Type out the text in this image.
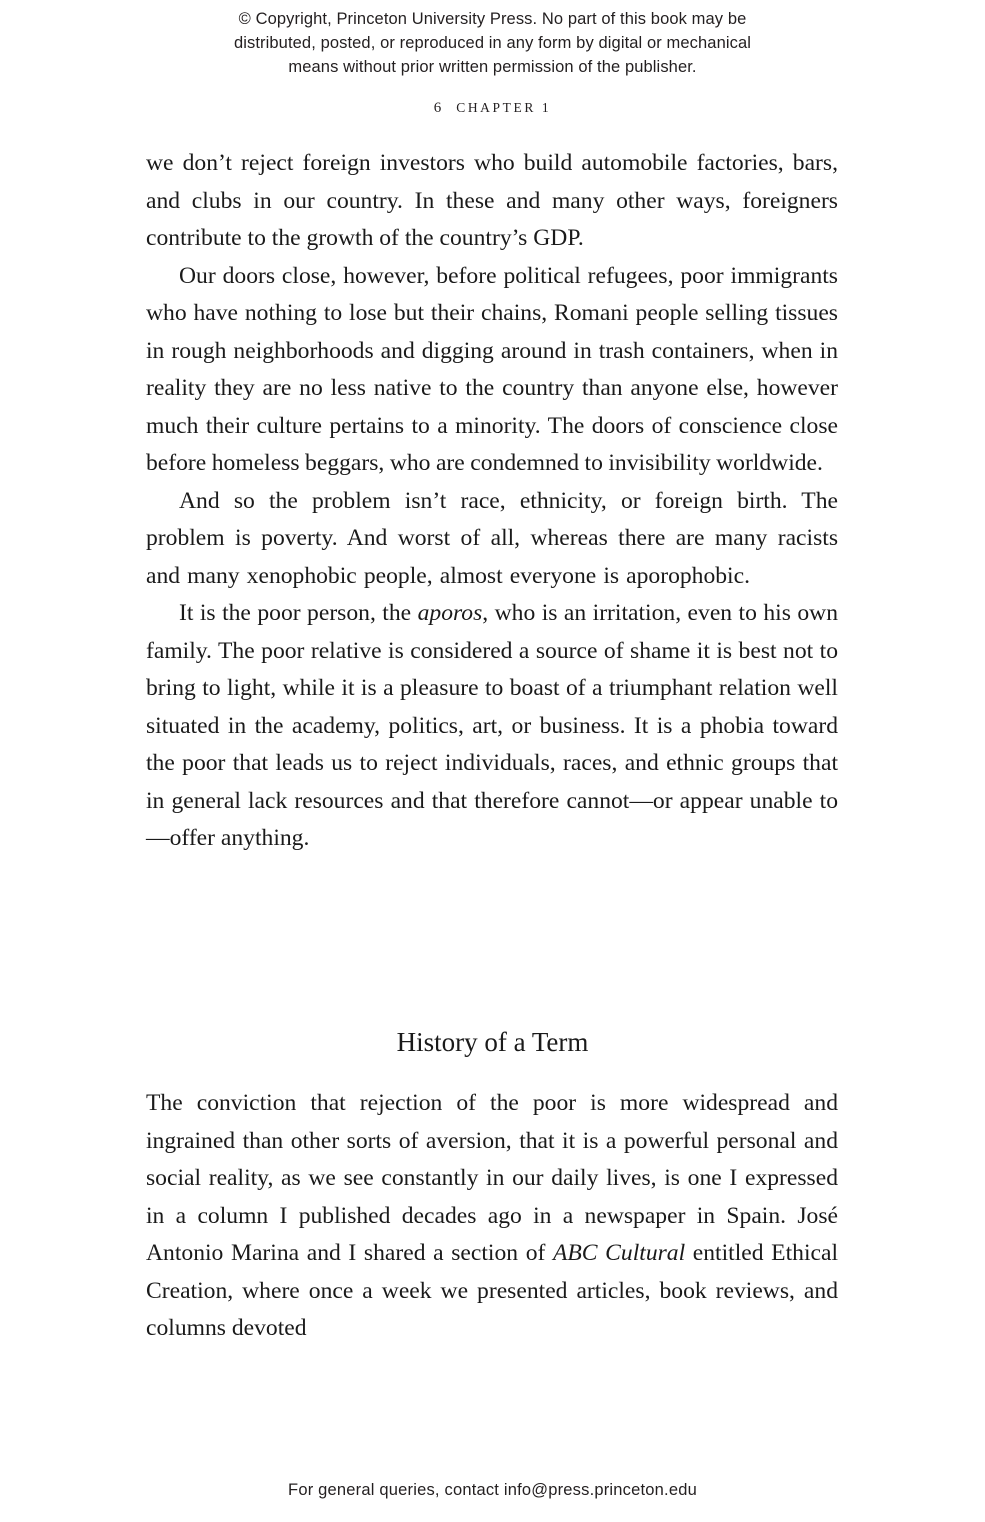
© Copyright, Princeton University Press. No part of this book may be
distributed, posted, or reproduced in any form by digital or mechanical
means without prior written permission of the publisher.
6 CHAPTER 1

we don’t reject foreign investors who build automobile factories, bars, and clubs in our country. In these and many other ways, foreigners contribute to the growth of the country’s GDP.

Our doors close, however, before political refugees, poor immigrants who have nothing to lose but their chains, Romani people selling tissues in rough neighborhoods and digging around in trash containers, when in reality they are no less native to the country than anyone else, however much their culture pertains to a minority. The doors of conscience close before homeless beggars, who are condemned to invisibility worldwide.

And so the problem isn’t race, ethnicity, or foreign birth. The problem is poverty. And worst of all, whereas there are many racists and many xenophobic people, almost everyone is aporophobic.

It is the poor person, the aporos, who is an irritation, even to his own family. The poor relative is considered a source of shame it is best not to bring to light, while it is a pleasure to boast of a triumphant relation well situated in the academy, politics, art, or business. It is a phobia toward the poor that leads us to reject individuals, races, and ethnic groups that in general lack resources and that therefore cannot—or appear unable to—offer anything.

History of a Term

The conviction that rejection of the poor is more widespread and ingrained than other sorts of aversion, that it is a powerful personal and social reality, as we see constantly in our daily lives, is one I expressed in a column I published decades ago in a newspaper in Spain. José Antonio Marina and I shared a section of ABC Cultural entitled Ethical Creation, where once a week we presented articles, book reviews, and columns devoted

For general queries, contact info@press.princeton.edu
